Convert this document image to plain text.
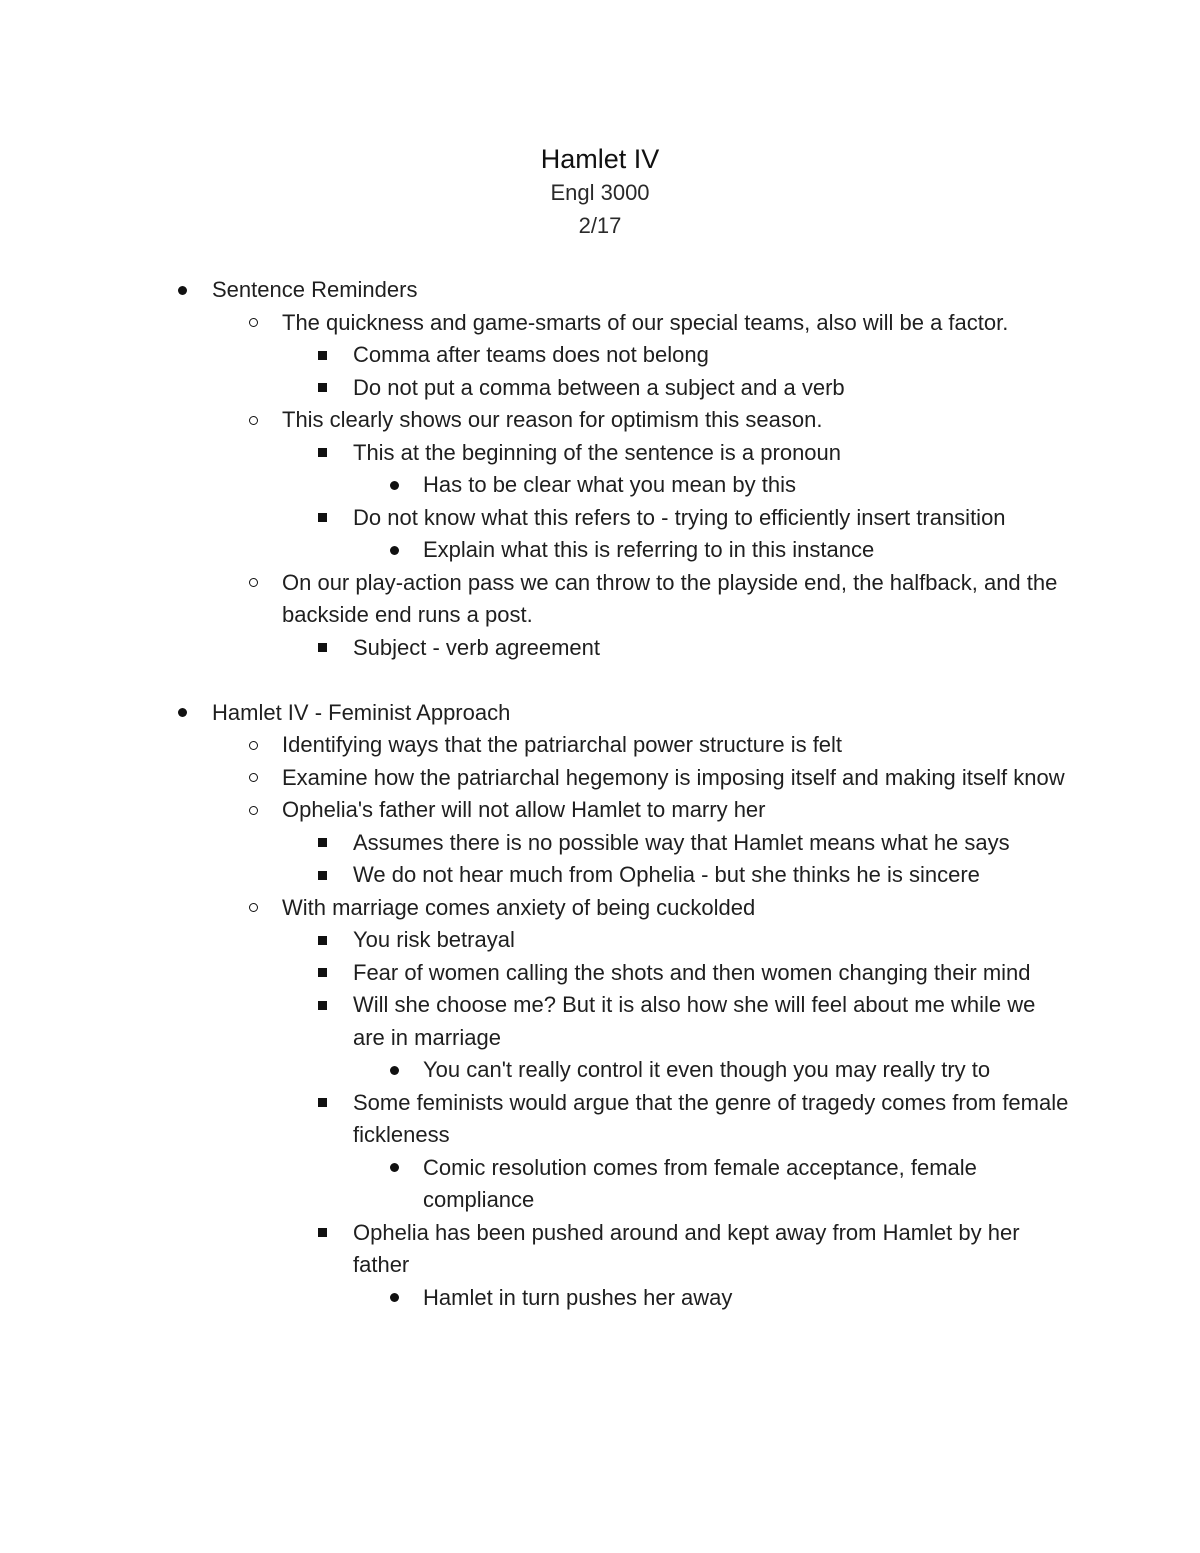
Hamlet IV
Engl 3000
2/17
Sentence Reminders
The quickness and game-smarts of our special teams, also will be a factor.
Comma after teams does not belong
Do not put a comma between a subject and a verb
This clearly shows our reason for optimism this season.
This at the beginning of the sentence is a pronoun
Has to be clear what you mean by this
Do not know what this refers to - trying to efficiently insert transition
Explain what this is referring to in this instance
On our play-action pass we can throw to the playside end, the halfback, and the backside end runs a post.
Subject - verb agreement
Hamlet IV - Feminist Approach
Identifying ways that the patriarchal power structure is felt
Examine how the patriarchal hegemony is imposing itself and making itself know
Ophelia's father will not allow Hamlet to marry her
Assumes there is no possible way that Hamlet means what he says
We do not hear much from Ophelia - but she thinks he is sincere
With marriage comes anxiety of being cuckolded
You risk betrayal
Fear of women calling the shots and then women changing their mind
Will she choose me? But it is also how she will feel about me while we are in marriage
You can't really control it even though you may really try to
Some feminists would argue that the genre of tragedy comes from female fickleness
Comic resolution comes from female acceptance, female compliance
Ophelia has been pushed around and kept away from Hamlet by her father
Hamlet in turn pushes her away
